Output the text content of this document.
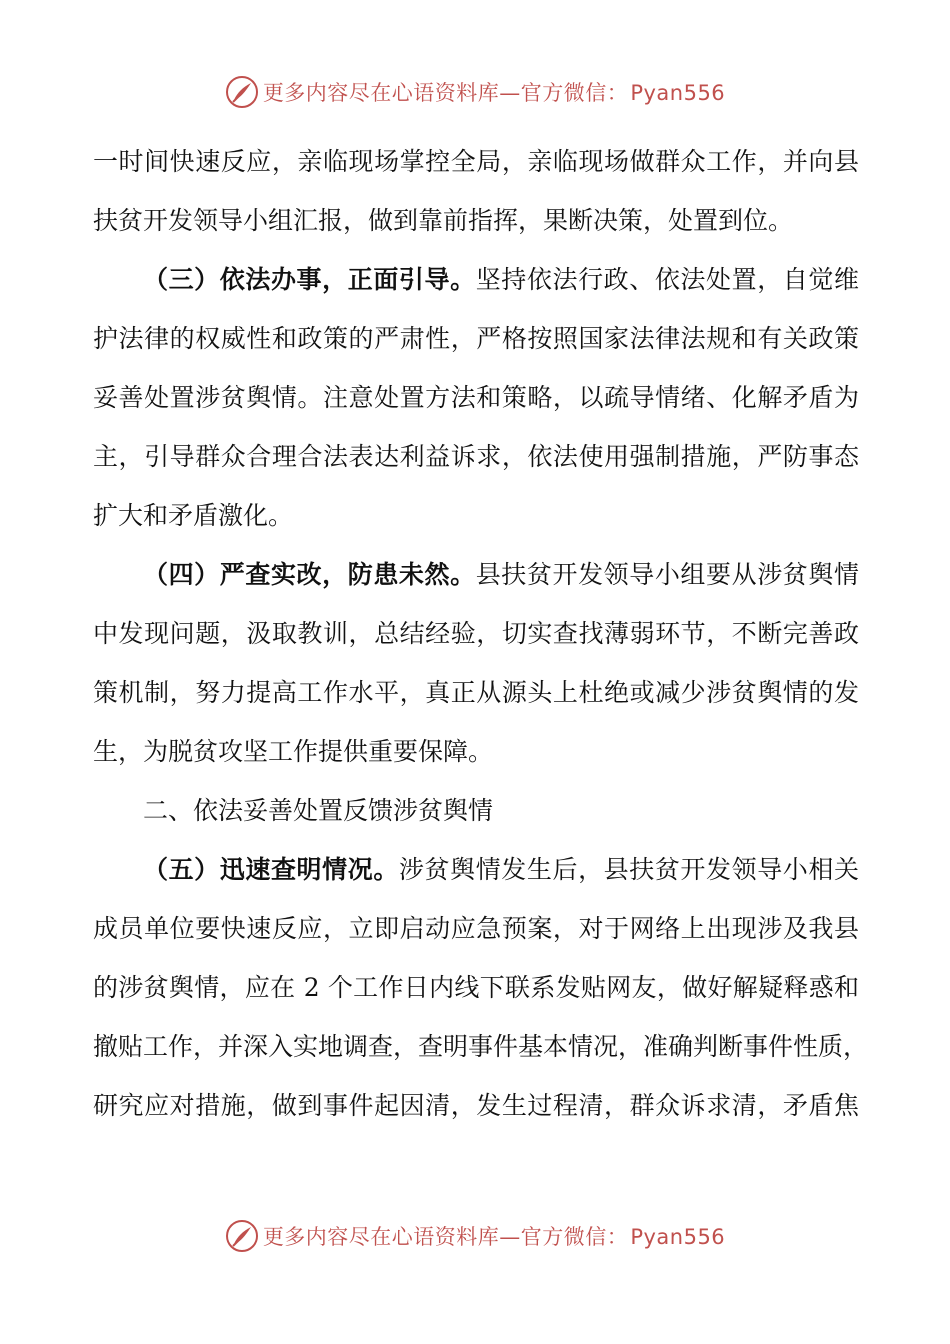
更多内容尽在心语资料库—官方微信：Pyan556
一时间快速反应，亲临现场掌控全局，亲临现场做群众工作，并向县
扶贫开发领导小组汇报，做到靠前指挥，果断决策，处置到位。
（三）依法办事，正面引导。坚持依法行政、依法处置，自觉维
护法律的权威性和政策的严肃性，严格按照国家法律法规和有关政策
妥善处置涉贫舆情。注意处置方法和策略，以疏导情绪、化解矛盾为
主，引导群众合理合法表达利益诉求，依法使用强制措施，严防事态
扩大和矛盾激化。
（四）严查实改，防患未然。县扶贫开发领导小组要从涉贫舆情
中发现问题，汲取教训，总结经验，切实查找薄弱环节，不断完善政
策机制，努力提高工作水平，真正从源头上杜绝或减少涉贫舆情的发
生，为脱贫攻坚工作提供重要保障。
二、依法妥善处置反馈涉贫舆情
（五）迅速查明情况。涉贫舆情发生后，县扶贫开发领导小相关
成员单位要快速反应，立即启动应急预案，对于网络上出现涉及我县
的涉贫舆情，应在 2 个工作日内线下联系发贴网友，做好解疑释惑和
撤贴工作，并深入实地调查，查明事件基本情况，准确判断事件性质，
研究应对措施，做到事件起因清，发生过程清，群众诉求清，矛盾焦
更多内容尽在心语资料库—官方微信：Pyan556
